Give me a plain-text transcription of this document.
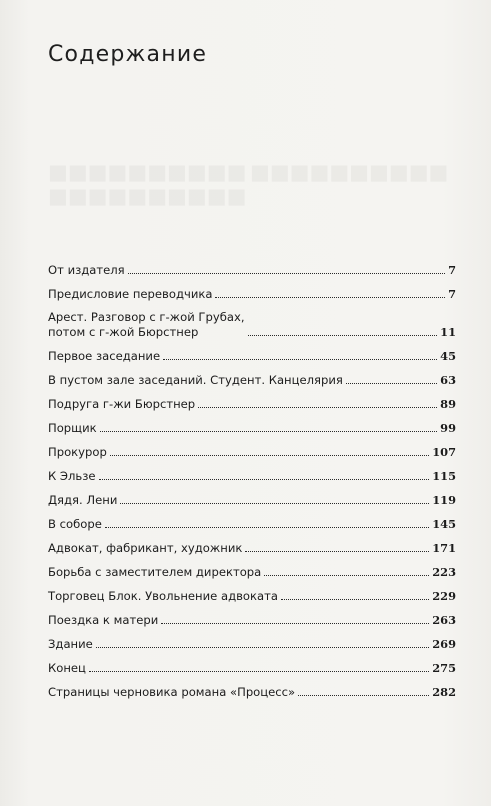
■■■■■■■■■■
■■■■■■■■■■
■■■■■■■■■■
Содержание
От издателя	7
Предисловие переводчика	7
Арест. Разговор с г-жой Грубах,
потом с г-жой Бюрстнер	11
Первое заседание	45
В пустом зале заседаний. Студент. Канцелярия	63
Подруга г-жи Бюрстнер	89
Порщик	99
Прокурор	107
К Эльзе	115
Дядя. Лени	119
В соборе	145
Адвокат, фабрикант, художник	171
Борьба с заместителем директора	223
Торговец Блок. Увольнение адвоката	229
Поездка к матери	263
Здание	269
Конец	275
Страницы черновика романа «Процесс»	282
